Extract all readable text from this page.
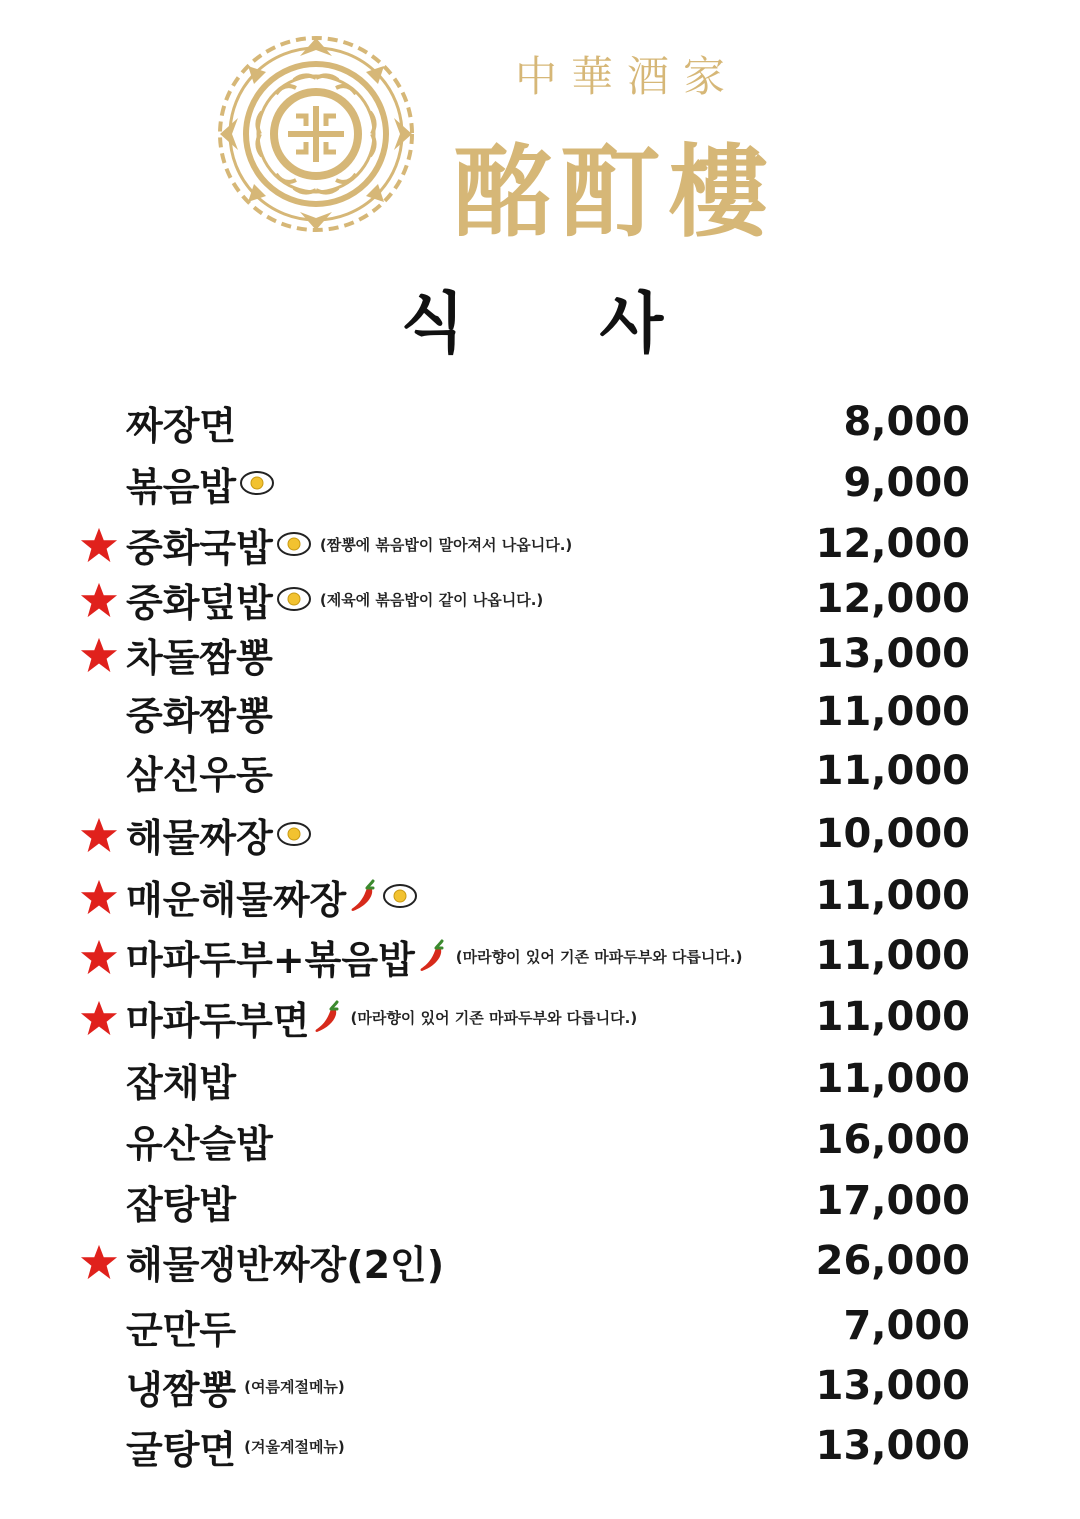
中華酒家
酩酊樓
식 사
짜장면	8,000
볶음밥	9,000
중화국밥	(짬뽕에 볶음밥이 말아져서 나옵니다.)	12,000
중화덮밥	(제육에 볶음밥이 같이 나옵니다.)	12,000
차돌짬뽕	13,000
중화짬뽕	11,000
삼선우동	11,000
해물짜장	10,000
매운해물짜장	11,000
마파두부+볶음밥	(마라향이 있어 기존 마파두부와 다릅니다.) 11,000
마파두부면	(마라향이 있어 기존 마파두부와 다릅니다.)	11,000
잡채밥	11,000
유산슬밥	16,000
잡탕밥	17,000
해물쟁반짜장(2인)	26,000
군만두	7,000
냉짬뽕 (여름계절메뉴)	13,000
굴탕면 (겨울계절메뉴)	13,000
